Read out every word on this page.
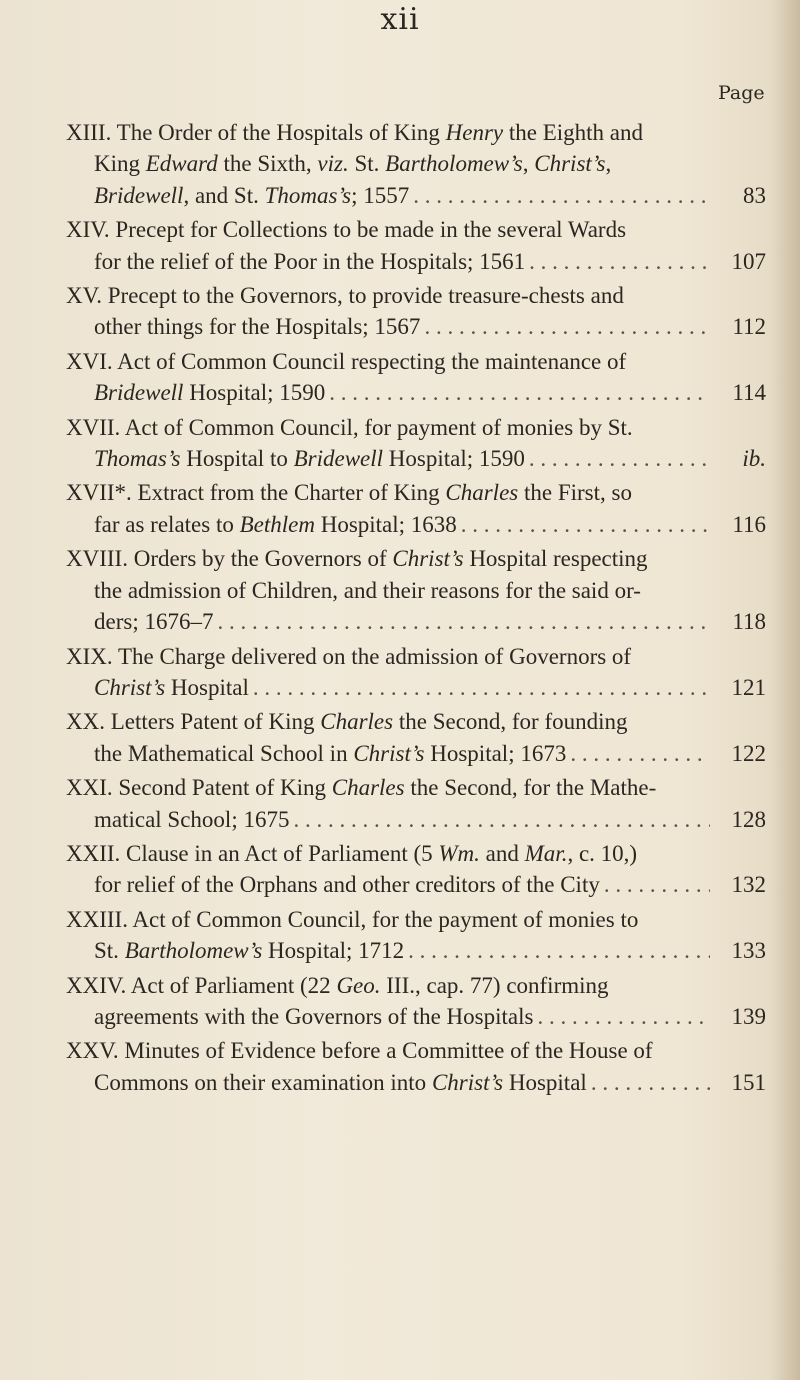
xii
Page
XIII. The Order of the Hospitals of King Henry the Eighth and
King Edward the Sixth, viz. St. Bartholomew’s, Christ’s,
Bridewell, and St. Thomas’s; 1557 . . .	83
XIV. Precept for Collections to be made in the several Wards
for the relief of the Poor in the Hospitals; 1561 . . .	107
XV. Precept to the Governors, to provide treasure-chests and
other things for the Hospitals; 1567 . . .	112
XVI. Act of Common Council respecting the maintenance of
Bridewell Hospital; 1590 . . .	114
XVII. Act of Common Council, for payment of monies by St.
Thomas’s Hospital to Bridewell Hospital; 1590 . . .	ib.
XVII*. Extract from the Charter of King Charles the First, so
far as relates to Bethlem Hospital; 1638 . . .	116
XVIII. Orders by the Governors of Christ’s Hospital respecting
the admission of Children, and their reasons for the said or-
ders; 1676–7 . . .	118
XIX. The Charge delivered on the admission of Governors of
Christ’s Hospital . . .	121
XX. Letters Patent of King Charles the Second, for founding
the Mathematical School in Christ’s Hospital; 1673 . . .	122
XXI. Second Patent of King Charles the Second, for the Mathe-
matical School; 1675 . . .	128
XXII. Clause in an Act of Parliament (5 Wm. and Mar., c. 10,)
for relief of the Orphans and other creditors of the City . . .	132
XXIII. Act of Common Council, for the payment of monies to
St. Bartholomew’s Hospital; 1712 . . .	133
XXIV. Act of Parliament (22 Geo. III., cap. 77) confirming
agreements with the Governors of the Hospitals . . .	139
XXV. Minutes of Evidence before a Committee of the House of
Commons on their examination into Christ’s Hospital . . .	151
